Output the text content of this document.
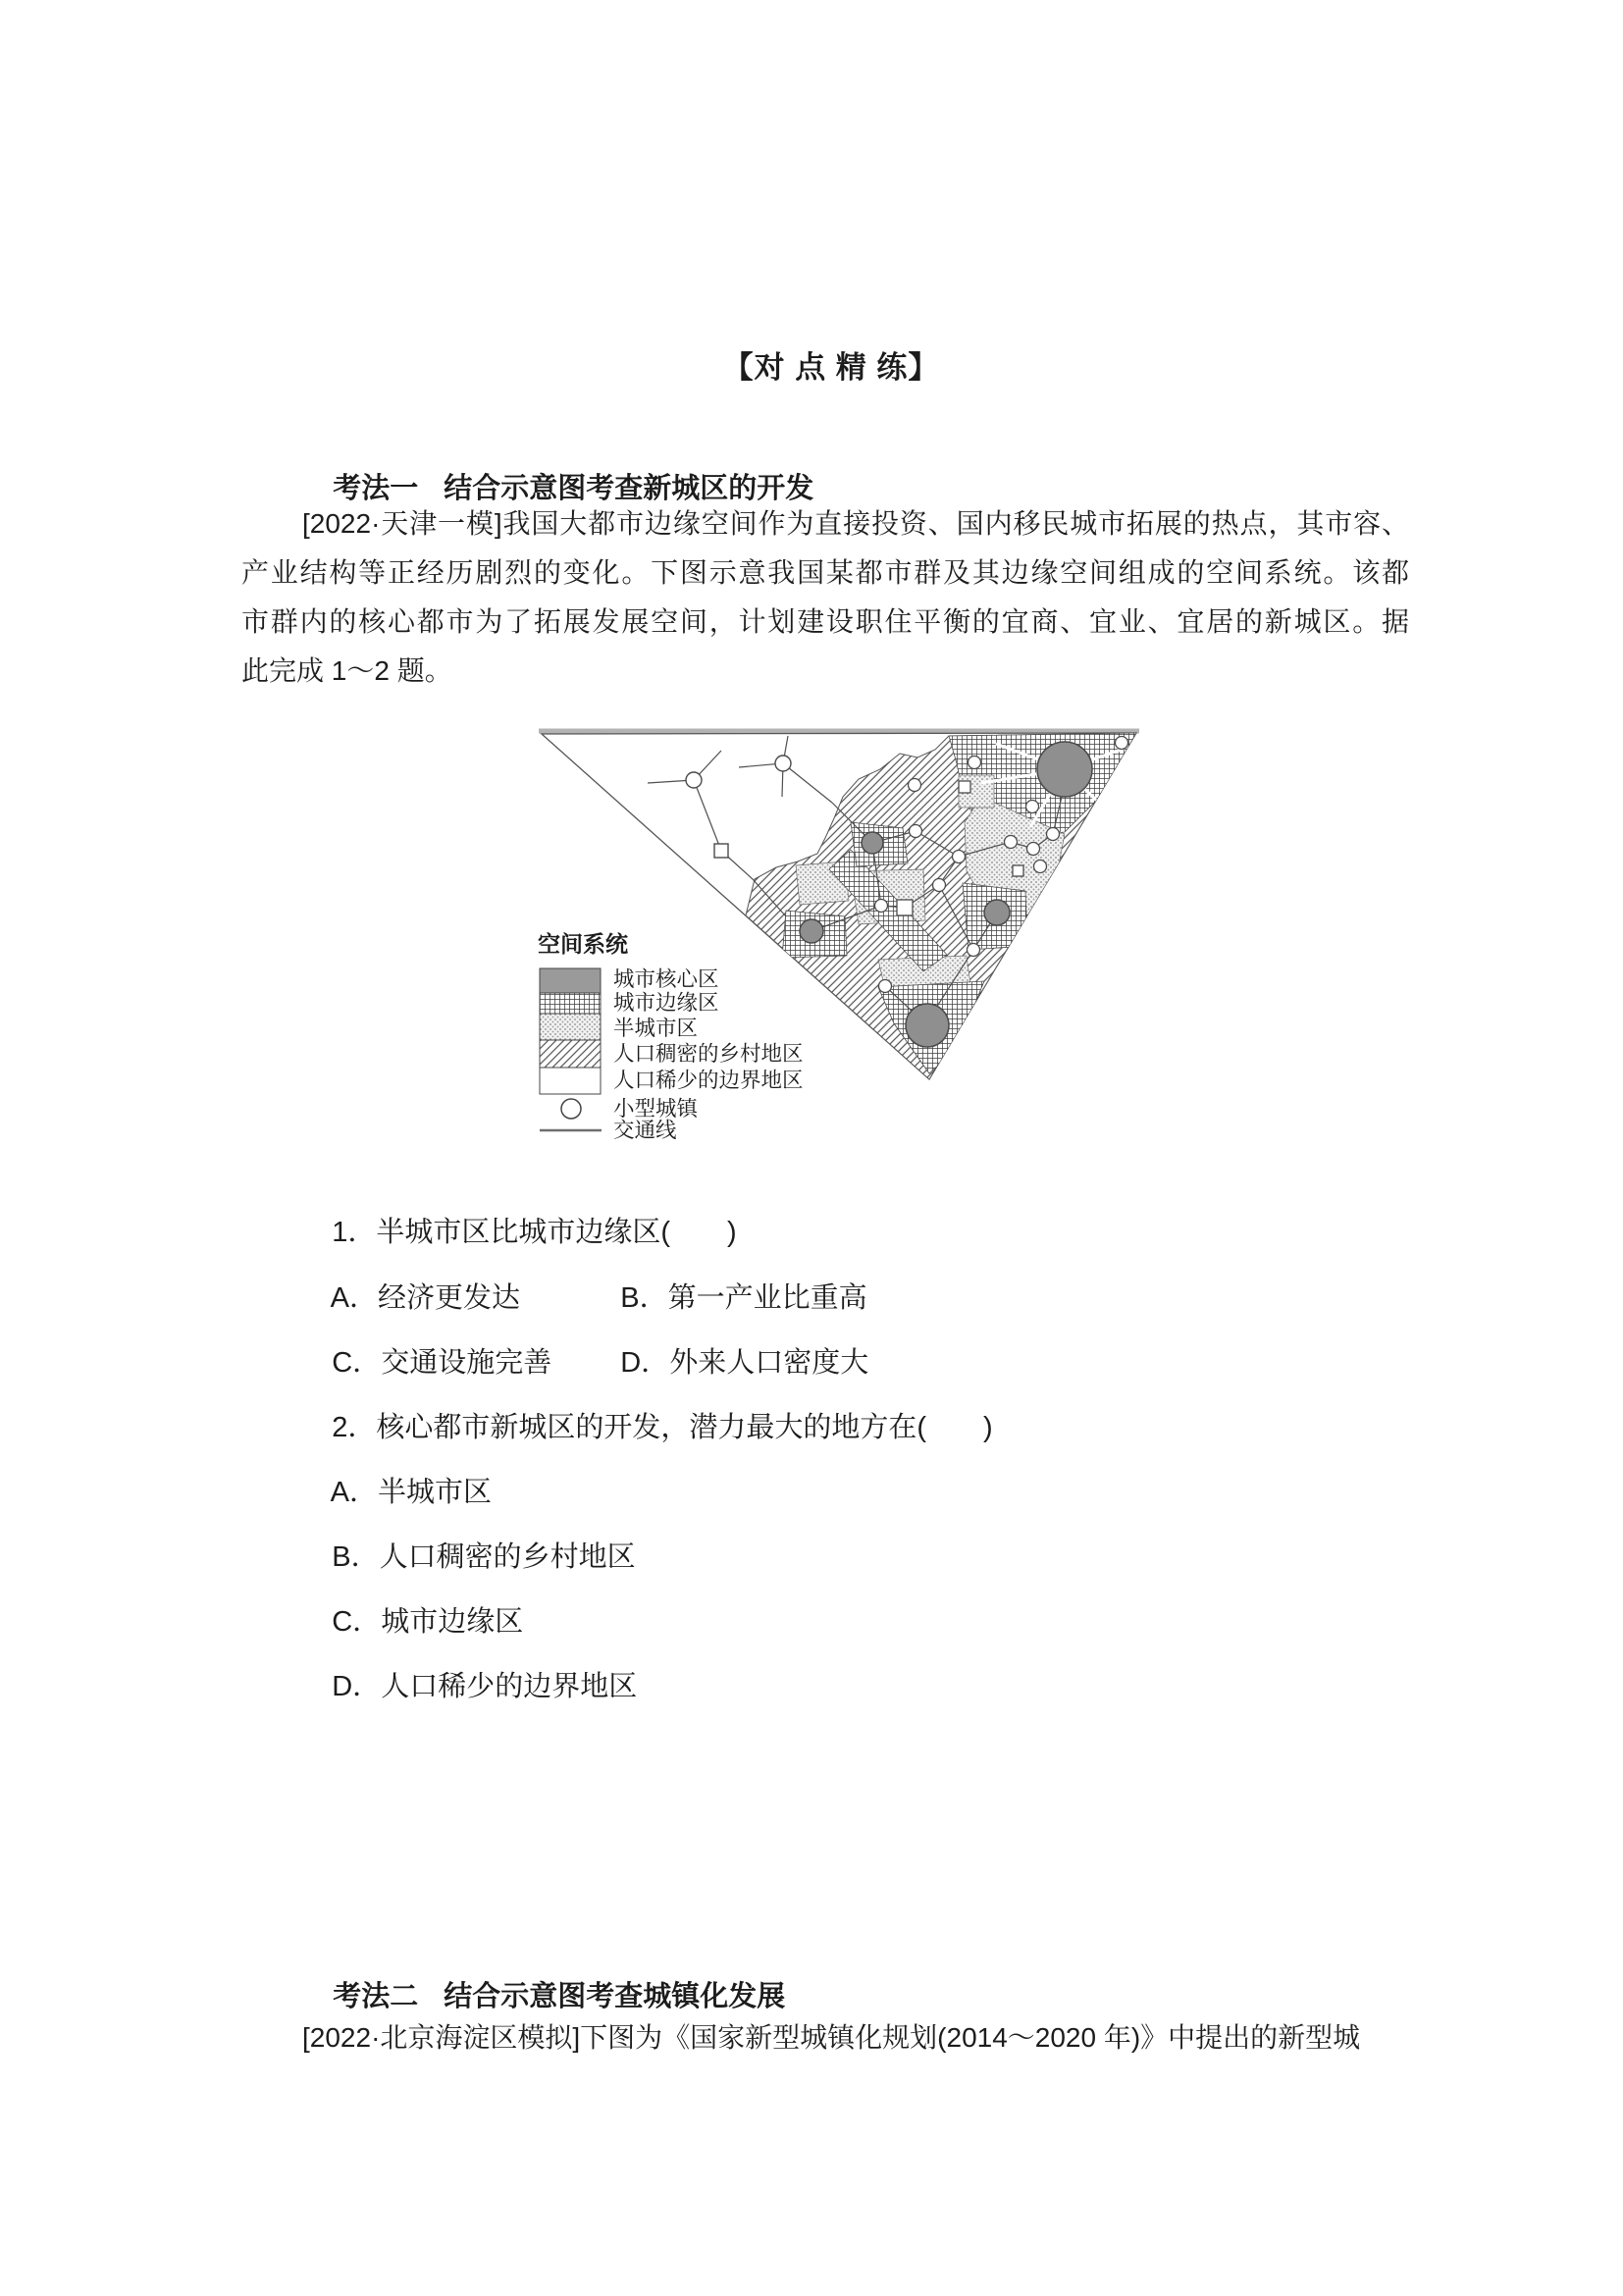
【对 点 精 练】

考法一 结合示意图考查新城区的开发

[2022·天津一模]我国大都市边缘空间作为直接投资、国内移民城市拓展的热点，其市容、
产业结构等正经历剧烈的变化。下图示意我国某都市群及其边缘空间组成的空间系统。该都
市群内的核心都市为了拓展发展空间，计划建设职住平衡的宜商、宜业、宜居的新城区。据
此完成 1～2 题。
空间系统
城市核心区
城市边缘区
半城市区
人口稠密的乡村地区
人口稀少的边界地区
小型城镇
交通线

1．半城市区比城市边缘区(　　)

A．经济更发达
	B．第一产业比重高

C．交通设施完善
	D．外来人口密度大

2．核心都市新城区的开发，潜力最大的地方在(　　)

A．半城市区

B．人口稠密的乡村地区

C．城市边缘区

D．人口稀少的边界地区

考法二 结合示意图考查城镇化发展

[2022·北京海淀区模拟]下图为《国家新型城镇化规划(2014～2020 年)》中提出的新型城
